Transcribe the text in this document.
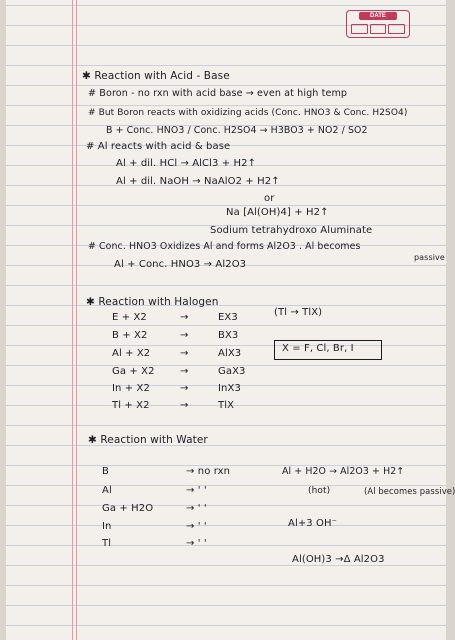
DATE
✱ Reaction with Acid - Base
# Boron - no rxn with acid base → even at high temp
# But Boron reacts with oxidizing acids (Conc. HNO3 & Conc. H2SO4)
B + Conc. HNO3 / Conc. H2SO4 → H3BO3 + NO2 / SO2
# Al reacts with acid & base
Al + dil. HCl → AlCl3 + H2↑
Al + dil. NaOH → NaAlO2 + H2↑
or
Na [Al(OH)4] + H2↑
Sodium tetrahydroxo Aluminate
# Conc. HNO3 Oxidizes Al and forms Al2O3 . Al becomes
passive
Al + Conc. HNO3 → Al2O3
✱ Reaction with Halogen
E + X2	→	EX3	(Tl → TlX)
B + X2	→	BX3
Al + X2	→	AlX3	X = F, Cl, Br, I
Ga + X2	→	GaX3
In + X2	→	InX3
Tl + X2	→	TlX
✱ Reaction with Water
B	→ no rxn	Al + H2O → Al2O3 + H2↑
Al	→ ' '	(hot)	(Al becomes passive)
Ga + H2O	→ ' '
In	→ ' '	Al+3 OH⁻
Tl	→ ' '
Al(OH)3 →Δ Al2O3
